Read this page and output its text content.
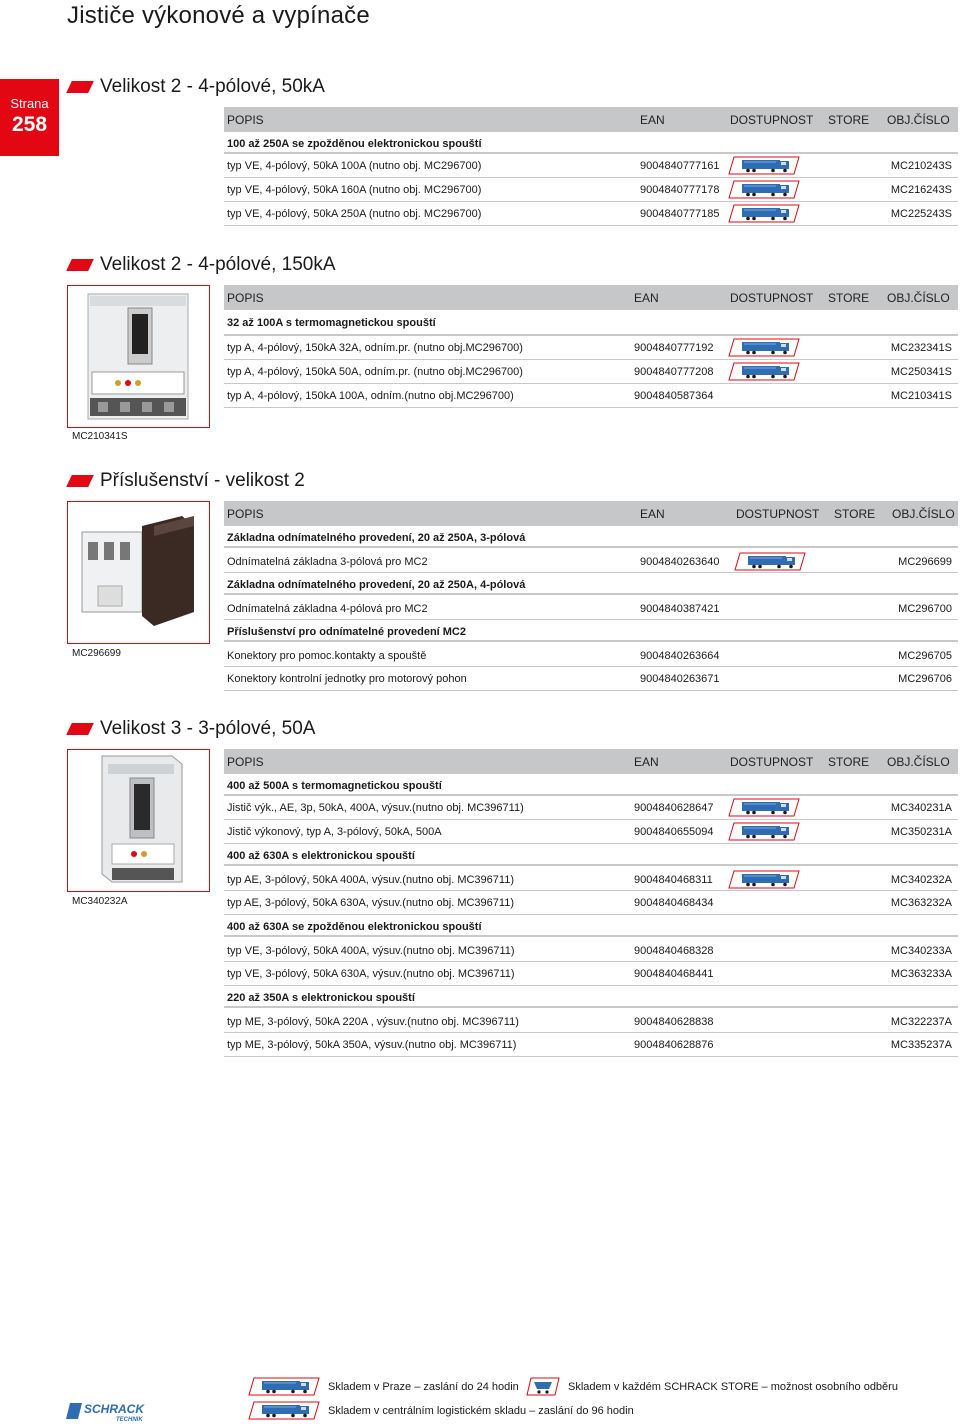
Jističe výkonové a vypínače
Strana
258
Velikost 2 - 4-pólové, 50kA
POPIS	EAN	DOSTUPNOST STORE OBJ.ČÍSLO
100 až 250A se zpožděnou elektronickou spouští
typ VE, 4-pólový, 50kA 100A (nutno obj. MC296700)	9004840777161	MC210243S
typ VE, 4-pólový, 50kA 160A (nutno obj. MC296700)	9004840777178	MC216243S
typ VE, 4-pólový, 50kA 250A (nutno obj. MC296700)	9004840777185	MC225243S
Velikost 2 - 4-pólové, 150kA
MC210341S
POPIS	EAN	DOSTUPNOST STORE OBJ.ČÍSLO
32 až 100A s termomagnetickou spouští
typ A, 4-pólový, 150kA 32A, odním.pr. (nutno obj.MC296700)	9004840777192	MC232341S
typ A, 4-pólový, 150kA 50A, odním.pr. (nutno obj.MC296700)	9004840777208	MC250341S
typ A, 4-pólový, 150kA 100A, odním.(nutno obj.MC296700)	9004840587364	MC210341S
Příslušenství - velikost 2
MC296699
POPIS	EAN	DOSTUPNOST STORE OBJ.ČÍSLO
Základna odnímatelného provedení, 20 až 250A, 3-pólová
Odnímatelná základna 3-pólová pro MC2	9004840263640	MC296699
Základna odnímatelného provedení, 20 až 250A, 4-pólová
Odnímatelná základna 4-pólová pro MC2	9004840387421	MC296700
Příslušenství pro odnímatelné provedení MC2
Konektory pro pomoc.kontakty a spouště	9004840263664	MC296705
Konektory kontrolní jednotky pro motorový pohon	9004840263671	MC296706
Velikost 3 - 3-pólové, 50A
MC340232A
POPIS	EAN	DOSTUPNOST STORE OBJ.ČÍSLO
400 až 500A s termomagnetickou spouští
Jistič výk., AE, 3p, 50kA, 400A, výsuv.(nutno obj. MC396711)	9004840628647	MC340231A
Jistič výkonový, typ A, 3-pólový, 50kA, 500A	9004840655094	MC350231A
400 až 630A s elektronickou spouští
typ AE, 3-pólový, 50kA 400A, výsuv.(nutno obj. MC396711)	9004840468311	MC340232A
typ AE, 3-pólový, 50kA 630A, výsuv.(nutno obj. MC396711)	9004840468434	MC363232A
400 až 630A se zpožděnou elektronickou spouští
typ VE, 3-pólový, 50kA 400A, výsuv.(nutno obj. MC396711)	9004840468328	MC340233A
typ VE, 3-pólový, 50kA 630A, výsuv.(nutno obj. MC396711)	9004840468441	MC363233A
220 až 350A s elektronickou spouští
typ ME, 3-pólový, 50kA 220A , výsuv.(nutno obj. MC396711)	9004840628838	MC322237A
typ ME, 3-pólový, 50kA 350A, výsuv.(nutno obj. MC396711)	9004840628876	MC335237A
Skladem v Praze – zaslání do 24 hodin	Skladem v každém SCHRACK STORE – možnost osobního odběru
Skladem v centrálním logistickém skladu – zaslání do 96 hodin
SCHRACK
TECHNIK
